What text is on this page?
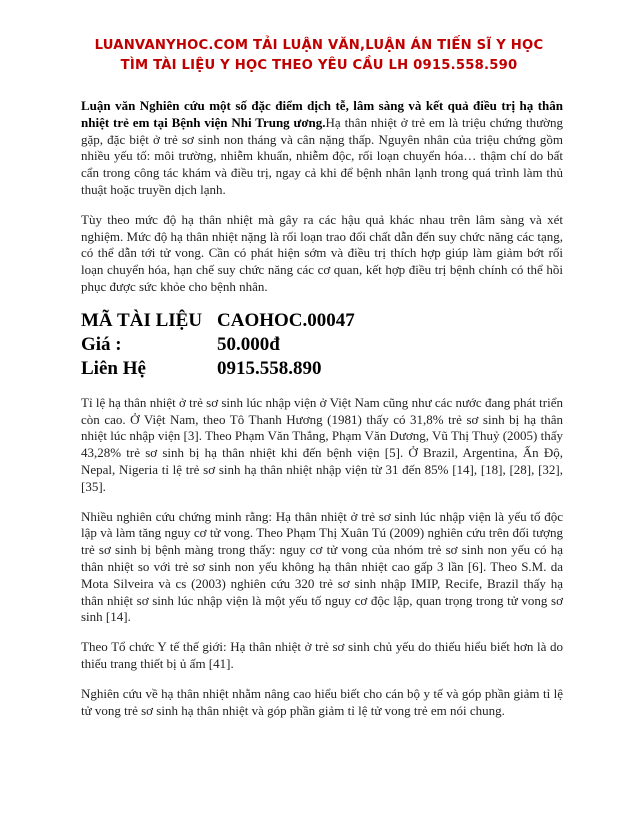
LUANVANYHOC.COM TẢI LUẬN VĂN,LUẬN ÁN TIẾN SĨ Y HỌC
TÌM TÀI LIỆU Y HỌC THEO YÊU CẦU LH 0915.558.590

Luận văn Nghiên cứu một số đặc điểm dịch tễ, lâm sàng và kết quả điều trị hạ thân nhiệt trẻ em tại Bệnh viện Nhi Trung ương.Hạ thân nhiệt ở trẻ em là triệu chứng thường gặp, đặc biệt ở trẻ sơ sinh non tháng và cân nặng thấp. Nguyên nhân của triệu chứng gồm nhiều yếu tố: môi trường, nhiễm khuẩn, nhiễm độc, rối loạn chuyển hóa… thậm chí do bất cẩn trong công tác khám và điều trị, ngay cả khi để bệnh nhân lạnh trong quá trình làm thủ thuật hoặc truyền dịch lạnh.

Tùy theo mức độ hạ thân nhiệt mà gây ra các hậu quả khác nhau trên lâm sàng và xét nghiệm. Mức độ hạ thân nhiệt nặng là rối loạn trao đổi chất dẫn đến suy chức năng các tạng, có thể dẫn tới tử vong. Cần có phát hiện sớm và điều trị thích hợp giúp làm giảm bớt rối loạn chuyển hóa, hạn chế suy chức năng các cơ quan, kết hợp điều trị bệnh chính có thể hồi phục được sức khỏe cho bệnh nhân.

MÃ TÀI LIỆU CAOHOC.00047
Giá :	50.000đ
Liên Hệ	0915.558.890

Tỉ lệ hạ thân nhiệt ở trẻ sơ sinh lúc nhập viện ở Việt Nam cũng như các nước đang phát triển còn cao. Ở Việt Nam, theo Tô Thanh Hương (1981) thấy có 31,8% trẻ sơ sinh bị hạ thân nhiệt lúc nhập viện [3]. Theo Phạm Văn Thắng, Phạm Văn Dương, Vũ Thị Thuỷ (2005) thấy 43,28% trẻ sơ sinh bị hạ thân nhiệt khi đến bệnh viện [5]. Ở Brazil, Argentina, Ấn Độ, Nepal, Nigeria tỉ lệ trẻ sơ sinh hạ thân nhiệt nhập viện từ 31 đến 85% [14], [18], [28], [32], [35].

Nhiều nghiên cứu chứng minh rằng: Hạ thân nhiệt ở trẻ sơ sinh lúc nhập viện là yếu tố độc lập và làm tăng nguy cơ tử vong. Theo Phạm Thị Xuân Tú (2009) nghiên cứu trên đối tượng trẻ sơ sinh bị bệnh màng trong thấy: nguy cơ tử vong của nhóm trẻ sơ sinh non yếu có hạ thân nhiệt so với trẻ sơ sinh non yếu không hạ thân nhiệt cao gấp 3 lần [6]. Theo S.M. da Mota Silveira và cs (2003) nghiên cứu 320 trẻ sơ sinh nhập IMIP, Recife, Brazil thấy hạ thân nhiệt sơ sinh lúc nhập viện là một yếu tố nguy cơ độc lập, quan trọng trong tử vong sơ sinh [14].

Theo Tổ chức Y tế thế giới: Hạ thân nhiệt ở trẻ sơ sinh chủ yếu do thiếu hiểu biết hơn là do thiếu trang thiết bị ủ ấm [41].

Nghiên cứu về hạ thân nhiệt nhằm nâng cao hiểu biết cho cán bộ y tế và góp phần giảm tỉ lệ tử vong trẻ sơ sinh hạ thân nhiệt và góp phần giảm tỉ lệ tử vong trẻ em nói chung.
